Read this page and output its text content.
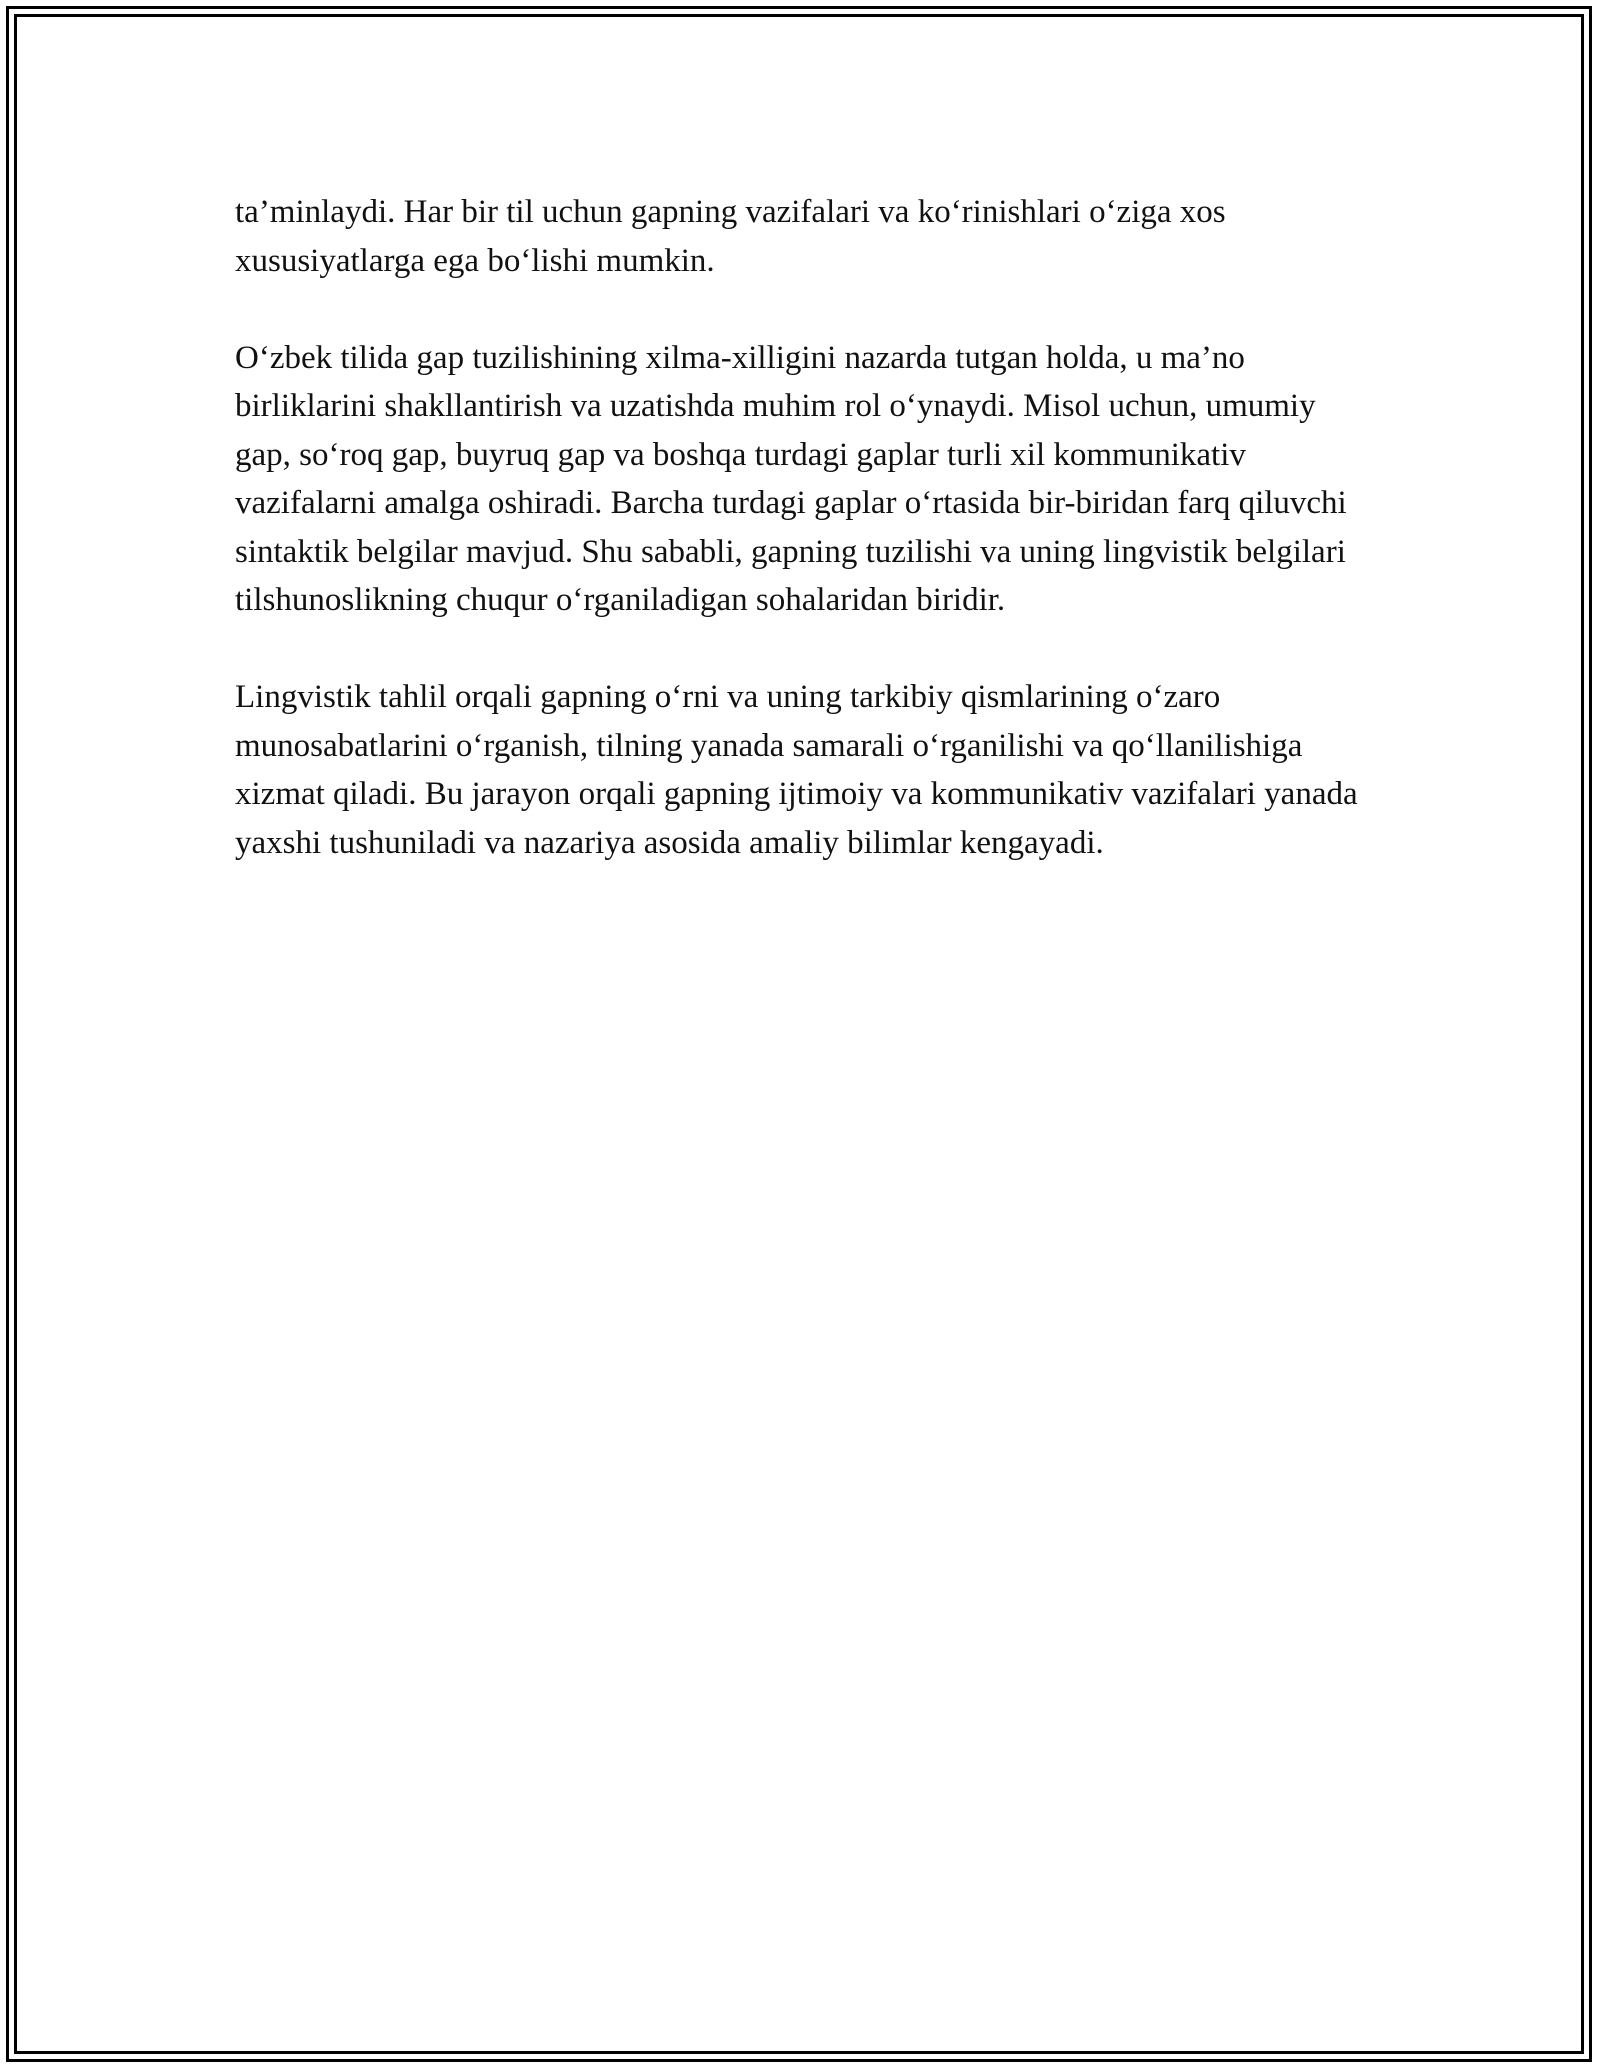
ta’minlaydi. Har bir til uchun gapning vazifalari va ko‘rinishlari o‘ziga xos xususiyatlarga ega bo‘lishi mumkin.

O‘zbek tilida gap tuzilishining xilma-xilligini nazarda tutgan holda, u ma’no birliklarini shakllantirish va uzatishda muhim rol o‘ynaydi. Misol uchun, umumiy gap, so‘roq gap, buyruq gap va boshqa turdagi gaplar turli xil kommunikativ vazifalarni amalga oshiradi. Barcha turdagi gaplar o‘rtasida bir-biridan farq qiluvchi sintaktik belgilar mavjud. Shu sababli, gapning tuzilishi va uning lingvistik belgilari tilshunoslikning chuqur o‘rganiladigan sohalaridan biridir.

Lingvistik tahlil orqali gapning o‘rni va uning tarkibiy qismlarining o‘zaro munosabatlarini o‘rganish, tilning yanada samarali o‘rganilishi va qo‘llanilishiga xizmat qiladi. Bu jarayon orqali gapning ijtimoiy va kommunikativ vazifalari yanada yaxshi tushuniladi va nazariya asosida amaliy bilimlar kengayadi.
